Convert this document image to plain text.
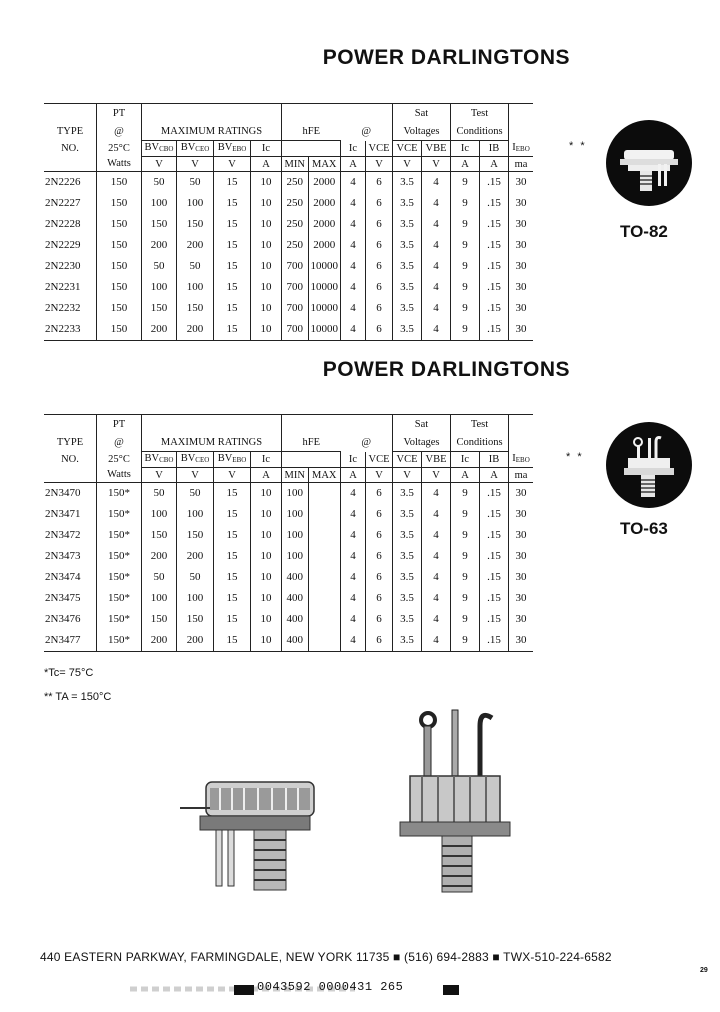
POWER DARLINGTONS
	PT									Sat		Test		
TYPE	@	MAXIMUM RATINGS				hFE		@		Voltages		Conditions		
NO.	25°C	BVCBO	BVCEO	BVEBO	Ic			Ic	VCE	VCE	VBE	Ic	IB	IEBO
	Watts	V	V	V	A	MIN	MAX	A	V	V	V	A	A	ma
2N2226	150	50	50	15	10	250	2000	4	6	3.5	4	9	.15	30
2N2227	150	100	100	15	10	250	2000	4	6	3.5	4	9	.15	30
2N2228	150	150	150	15	10	250	2000	4	6	3.5	4	9	.15	30
2N2229	150	200	200	15	10	250	2000	4	6	3.5	4	9	.15	30
2N2230	150	50	50	15	10	700	10000	4	6	3.5	4	9	.15	30
2N2231	150	100	100	15	10	700	10000	4	6	3.5	4	9	.15	30
2N2232	150	150	150	15	10	700	10000	4	6	3.5	4	9	.15	30
2N2233	150	200	200	15	10	700	10000	4	6	3.5	4	9	.15	30
* *
TO-82
POWER DARLINGTONS
	PT									Sat		Test		
TYPE	@	MAXIMUM RATINGS				hFE		@		Voltages		Conditions		
NO.	25°C	BVCBO	BVCEO	BVEBO	Ic			Ic	VCE	VCE	VBE	Ic	IB	IEBO
	Watts	V	V	V	A	MIN	MAX	A	V	V	V	A	A	ma
2N3470	150*	50	50	15	10	100		4	6	3.5	4	9	.15	30
2N3471	150*	100	100	15	10	100		4	6	3.5	4	9	.15	30
2N3472	150*	150	150	15	10	100		4	6	3.5	4	9	.15	30
2N3473	150*	200	200	15	10	100		4	6	3.5	4	9	.15	30
2N3474	150*	50	50	15	10	400		4	6	3.5	4	9	.15	30
2N3475	150*	100	100	15	10	400		4	6	3.5	4	9	.15	30
2N3476	150*	150	150	15	10	400		4	6	3.5	4	9	.15	30
2N3477	150*	200	200	15	10	400		4	6	3.5	4	9	.15	30
* *
TO-63
*Tc= 75°C
** TA = 150°C
440 EASTERN PARKWAY, FARMINGDALE, NEW YORK 11735 ■ (516) 694-2883 ■ TWX-510-224-6582
29
0043592 0000431 265
